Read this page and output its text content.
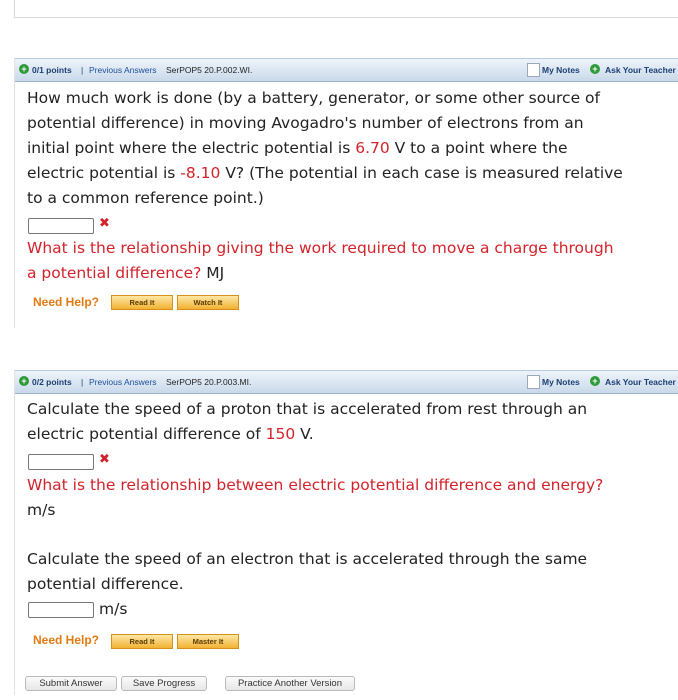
+ 0/1 points | Previous Answers SerPOP5 20.P.002.WI.	My Notes + Ask Your Teacher
How much work is done (by a battery, generator, or some other source of
potential difference) in moving Avogadro's number of electrons from an
initial point where the electric potential is 6.70 V to a point where the
electric potential is -8.10 V? (The potential in each case is measured relative
to a common reference point.)
✖
What is the relationship giving the work required to move a charge through
a potential difference? MJ
Need Help?	Read It	Watch It
+ 0/2 points | Previous Answers SerPOP5 20.P.003.MI.	My Notes + Ask Your Teacher
Calculate the speed of a proton that is accelerated from rest through an
electric potential difference of 150 V.
✖
What is the relationship between electric potential difference and energy?
m/s
Calculate the speed of an electron that is accelerated through the same
potential difference.
m/s
Need Help?	Read It	Master It
Submit Answer	Save Progress	Practice Another Version
